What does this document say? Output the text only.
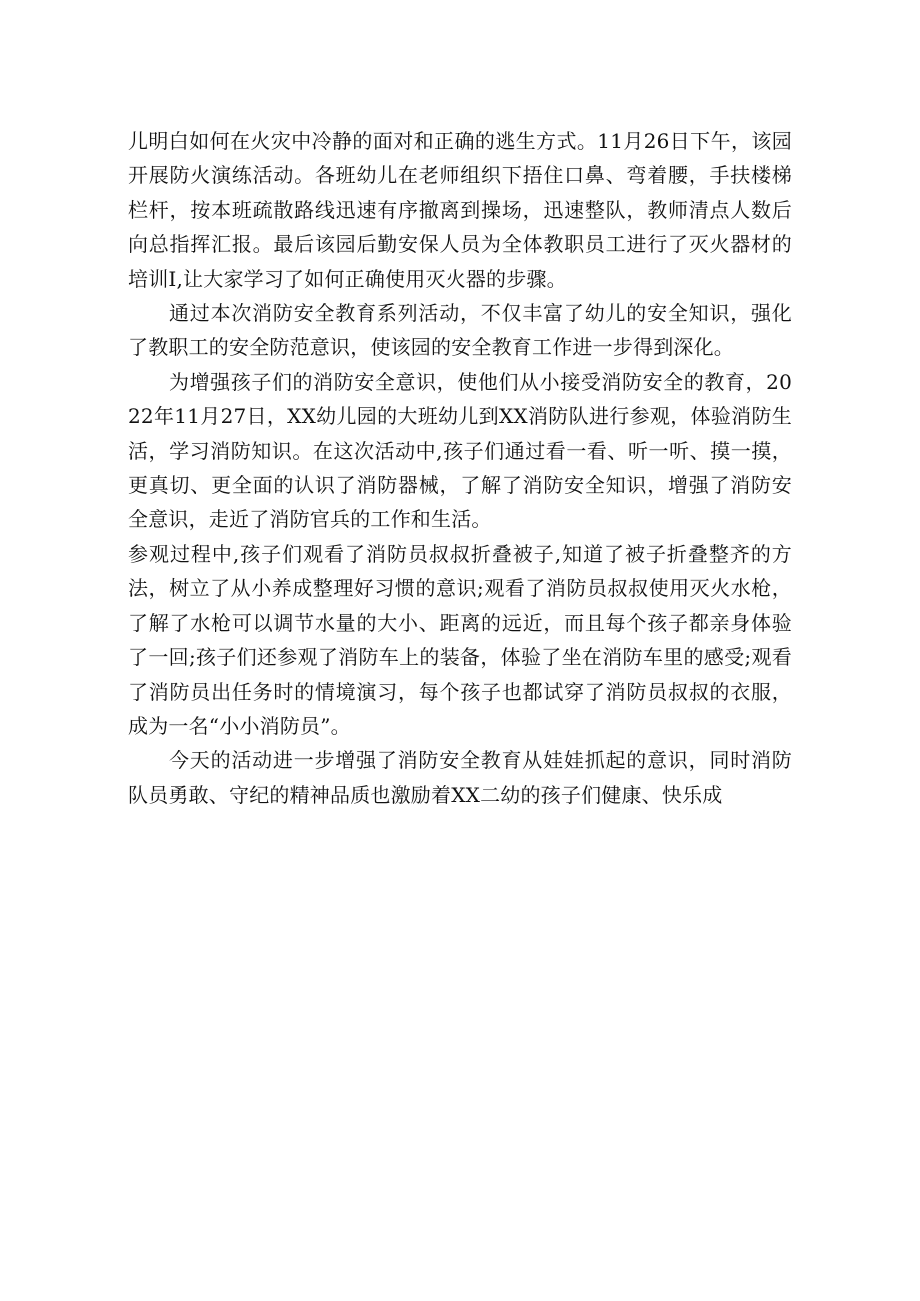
儿明白如何在火灾中冷静的面对和正确的逃生方式。11月26日下午，该园开展防火演练活动。各班幼儿在老师组织下捂住口鼻、弯着腰，手扶楼梯栏杆，按本班疏散路线迅速有序撤离到操场，迅速整队，教师清点人数后向总指挥汇报。最后该园后勤安保人员为全体教职员工进行了灭火器材的培训I,让大家学习了如何正确使用灭火器的步骤。

通过本次消防安全教育系列活动，不仅丰富了幼儿的安全知识，强化了教职工的安全防范意识，使该园的安全教育工作进一步得到深化。

为增强孩子们的消防安全意识，使他们从小接受消防安全的教育，2022年11月27日，XX幼儿园的大班幼儿到XX消防队进行参观，体验消防生活，学习消防知识。在这次活动中,孩子们通过看一看、听一听、摸一摸，更真切、更全面的认识了消防器械，了解了消防安全知识，增强了消防安全意识，走近了消防官兵的工作和生活。

参观过程中,孩子们观看了消防员叔叔折叠被子,知道了被子折叠整齐的方法，树立了从小养成整理好习惯的意识;观看了消防员叔叔使用灭火水枪，了解了水枪可以调节水量的大小、距离的远近，而且每个孩子都亲身体验了一回;孩子们还参观了消防车上的装备，体验了坐在消防车里的感受;观看了消防员出任务时的情境演习，每个孩子也都试穿了消防员叔叔的衣服，成为一名“小小消防员”。

今天的活动进一步增强了消防安全教育从娃娃抓起的意识，同时消防队员勇敢、守纪的精神品质也激励着XX二幼的孩子们健康、快乐成
